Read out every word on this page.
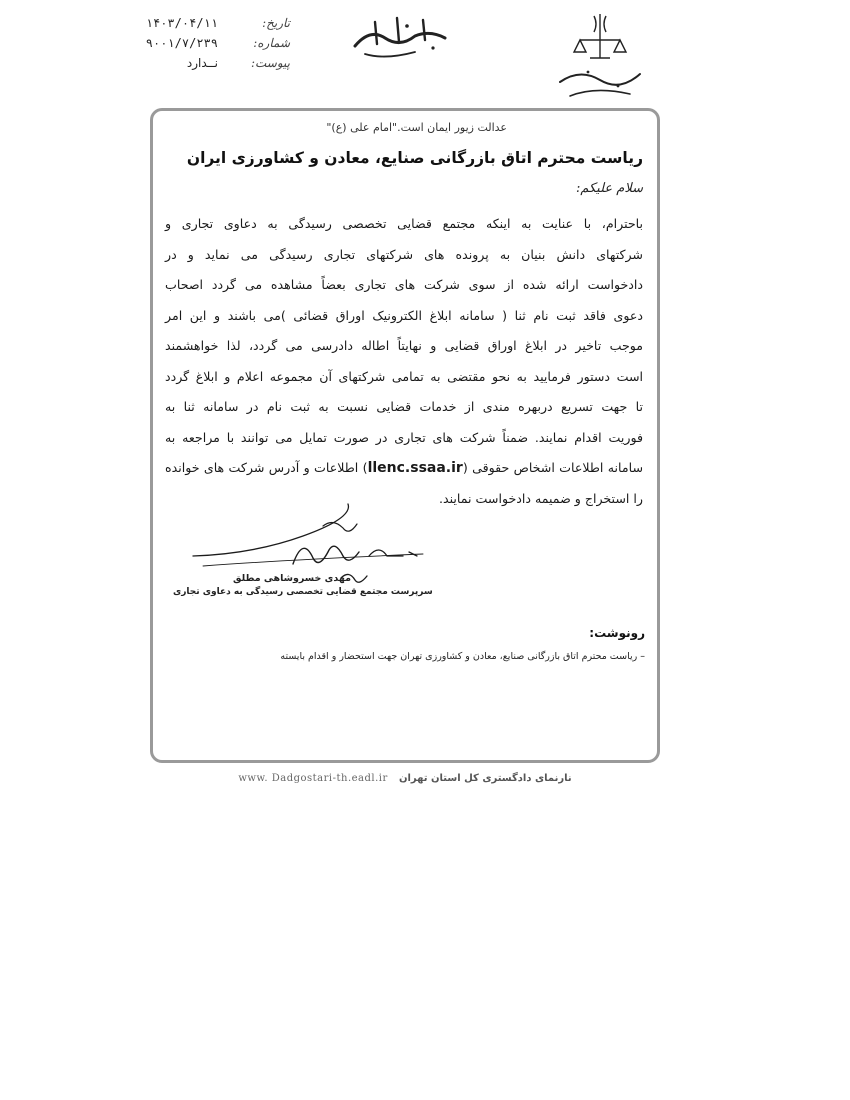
۱۴۰۳/۰۴/۱۱	تاریخ:
۹۰۰۱/۷/۲۳۹	شماره:
نــدارد	پیوست:
عدالت زیور ایمان است."امام علی (ع)"
ریاست محترم اتاق بازرگانی صنایع، معادن و کشاورزی ایران
سلام علیکم:
باحترام، با عنایت به اینکه مجتمع قضایی تخصصی رسیدگی به دعاوی تجاری و
شرکتهای دانش بنیان به پرونده های شرکتهای تجاری رسیدگی می نماید و در
دادخواست ارائه شده از سوی شرکت های تجاری بعضاً مشاهده می گردد اصحاب
دعوی فاقد ثبت نام ثنا ( سامانه ابلاغ الکترونیک اوراق قضائی )می باشند و این امر
موجب تاخیر در ابلاغ اوراق قضایی و نهایتاً اطاله دادرسی می گردد، لذا خواهشمند
است دستور فرمایید به نحو مقتضی به تمامی شرکتهای آن مجموعه اعلام و ابلاغ گردد
تا جهت تسریع دربهره مندی از خدمات قضایی نسبت به ثبت نام در سامانه ثنا به
فوریت اقدام نمایند. ضمناً شرکت های تجاری در صورت تمایل می توانند با مراجعه به
سامانه اطلاعات اشخاص حقوقی (llenc.ssaa.ir) اطلاعات و آدرس شرکت های خوانده
را استخراج و ضمیمه دادخواست نمایند.
مهدی خسروشاهی مطلق
سرپرست مجتمع قضایی تخصصی رسیدگی به دعاوی تجاری
رونوشت:
– ریاست محترم اتاق بازرگانی صنایع، معادن و کشاورزی تهران جهت استحضار و اقدام بایسته
نارنمای دادگستری کل استان تهران www. Dadgostari-th.eadl.ir
